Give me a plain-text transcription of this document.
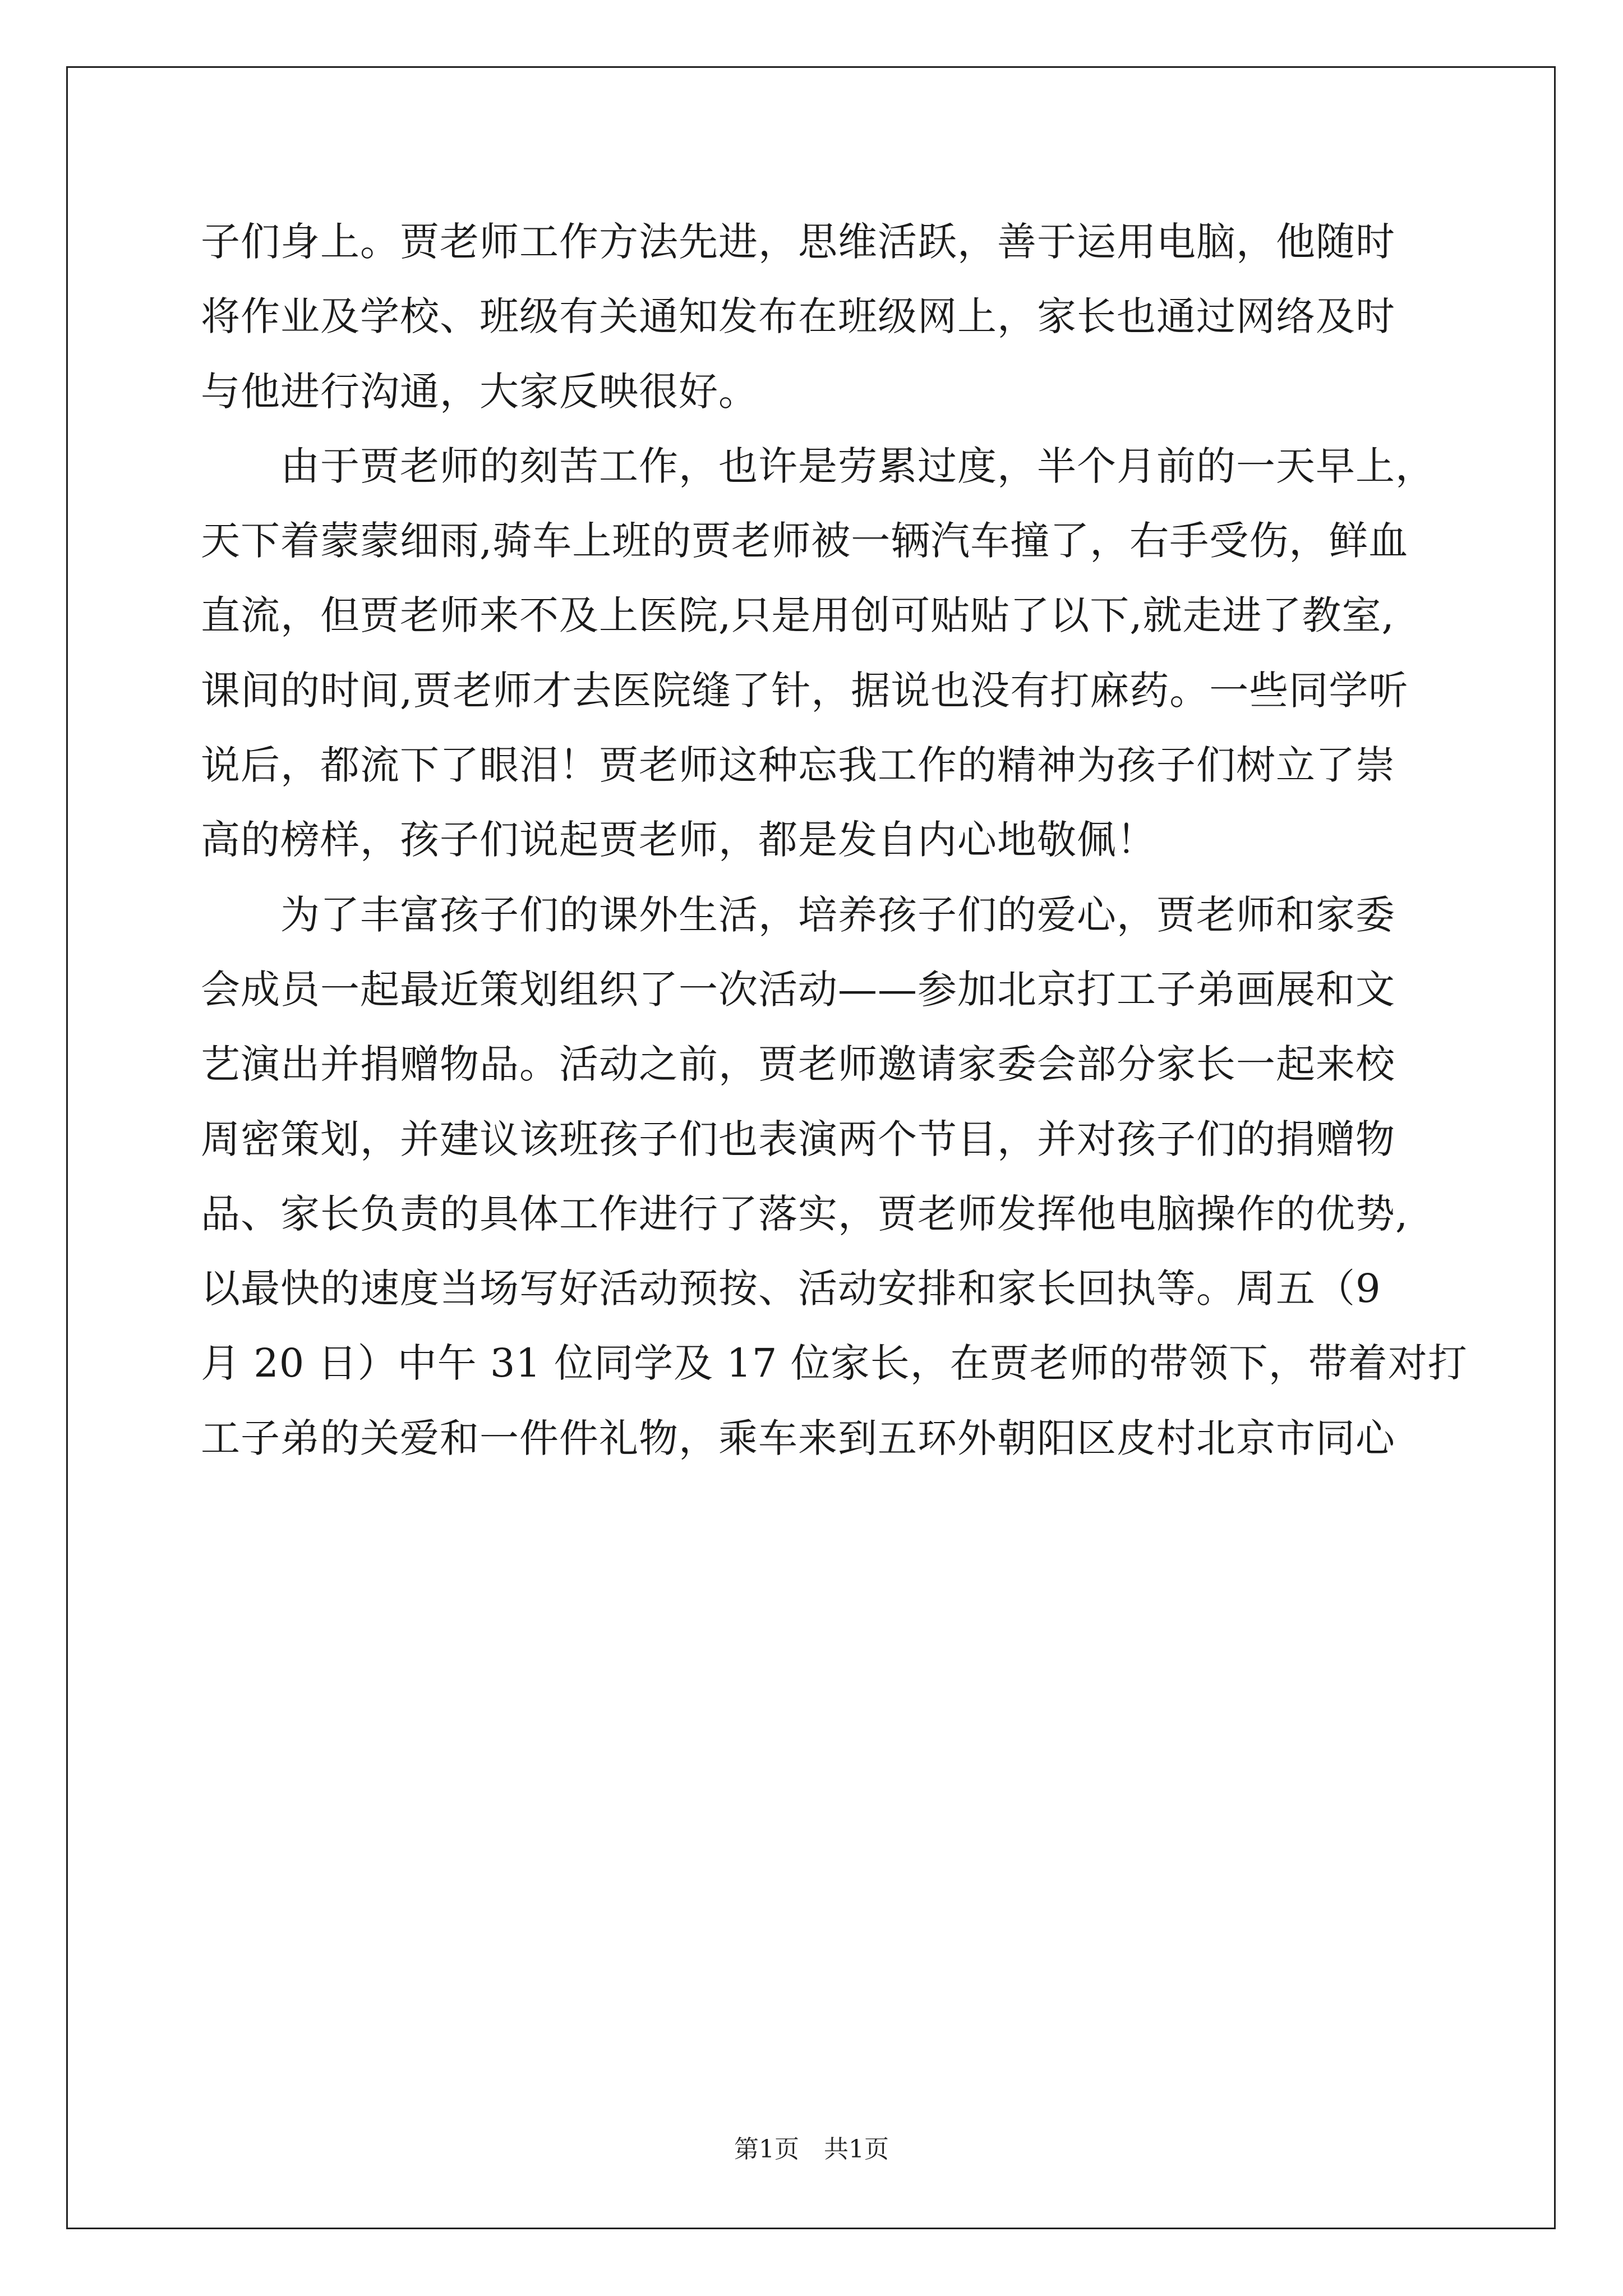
子们身上。贾老师工作方法先进，思维活跃，善于运用电脑，他随时
将作业及学校、班级有关通知发布在班级网上，家长也通过网络及时
与他进行沟通，大家反映很好。
由于贾老师的刻苦工作，也许是劳累过度，半个月前的一天早上，
天下着蒙蒙细雨,骑车上班的贾老师被一辆汽车撞了，右手受伤，鲜血
直流，但贾老师来不及上医院,只是用创可贴贴了以下,就走进了教室,
课间的时间,贾老师才去医院缝了针，据说也没有打麻药。一些同学听
说后，都流下了眼泪！贾老师这种忘我工作的精神为孩子们树立了崇
高的榜样，孩子们说起贾老师，都是发自内心地敬佩！
为了丰富孩子们的课外生活，培养孩子们的爱心，贾老师和家委
会成员一起最近策划组织了一次活动——参加北京打工子弟画展和文
艺演出并捐赠物品。活动之前，贾老师邀请家委会部分家长一起来校
周密策划，并建议该班孩子们也表演两个节目，并对孩子们的捐赠物
品、家长负责的具体工作进行了落实，贾老师发挥他电脑操作的优势,
以最快的速度当场写好活动预按、活动安排和家长回执等。周五（9
月 20 日）中午 31 位同学及 17 位家长，在贾老师的带领下，带着对打
工子弟的关爱和一件件礼物，乘车来到五环外朝阳区皮村北京市同心
第1页　共1页
